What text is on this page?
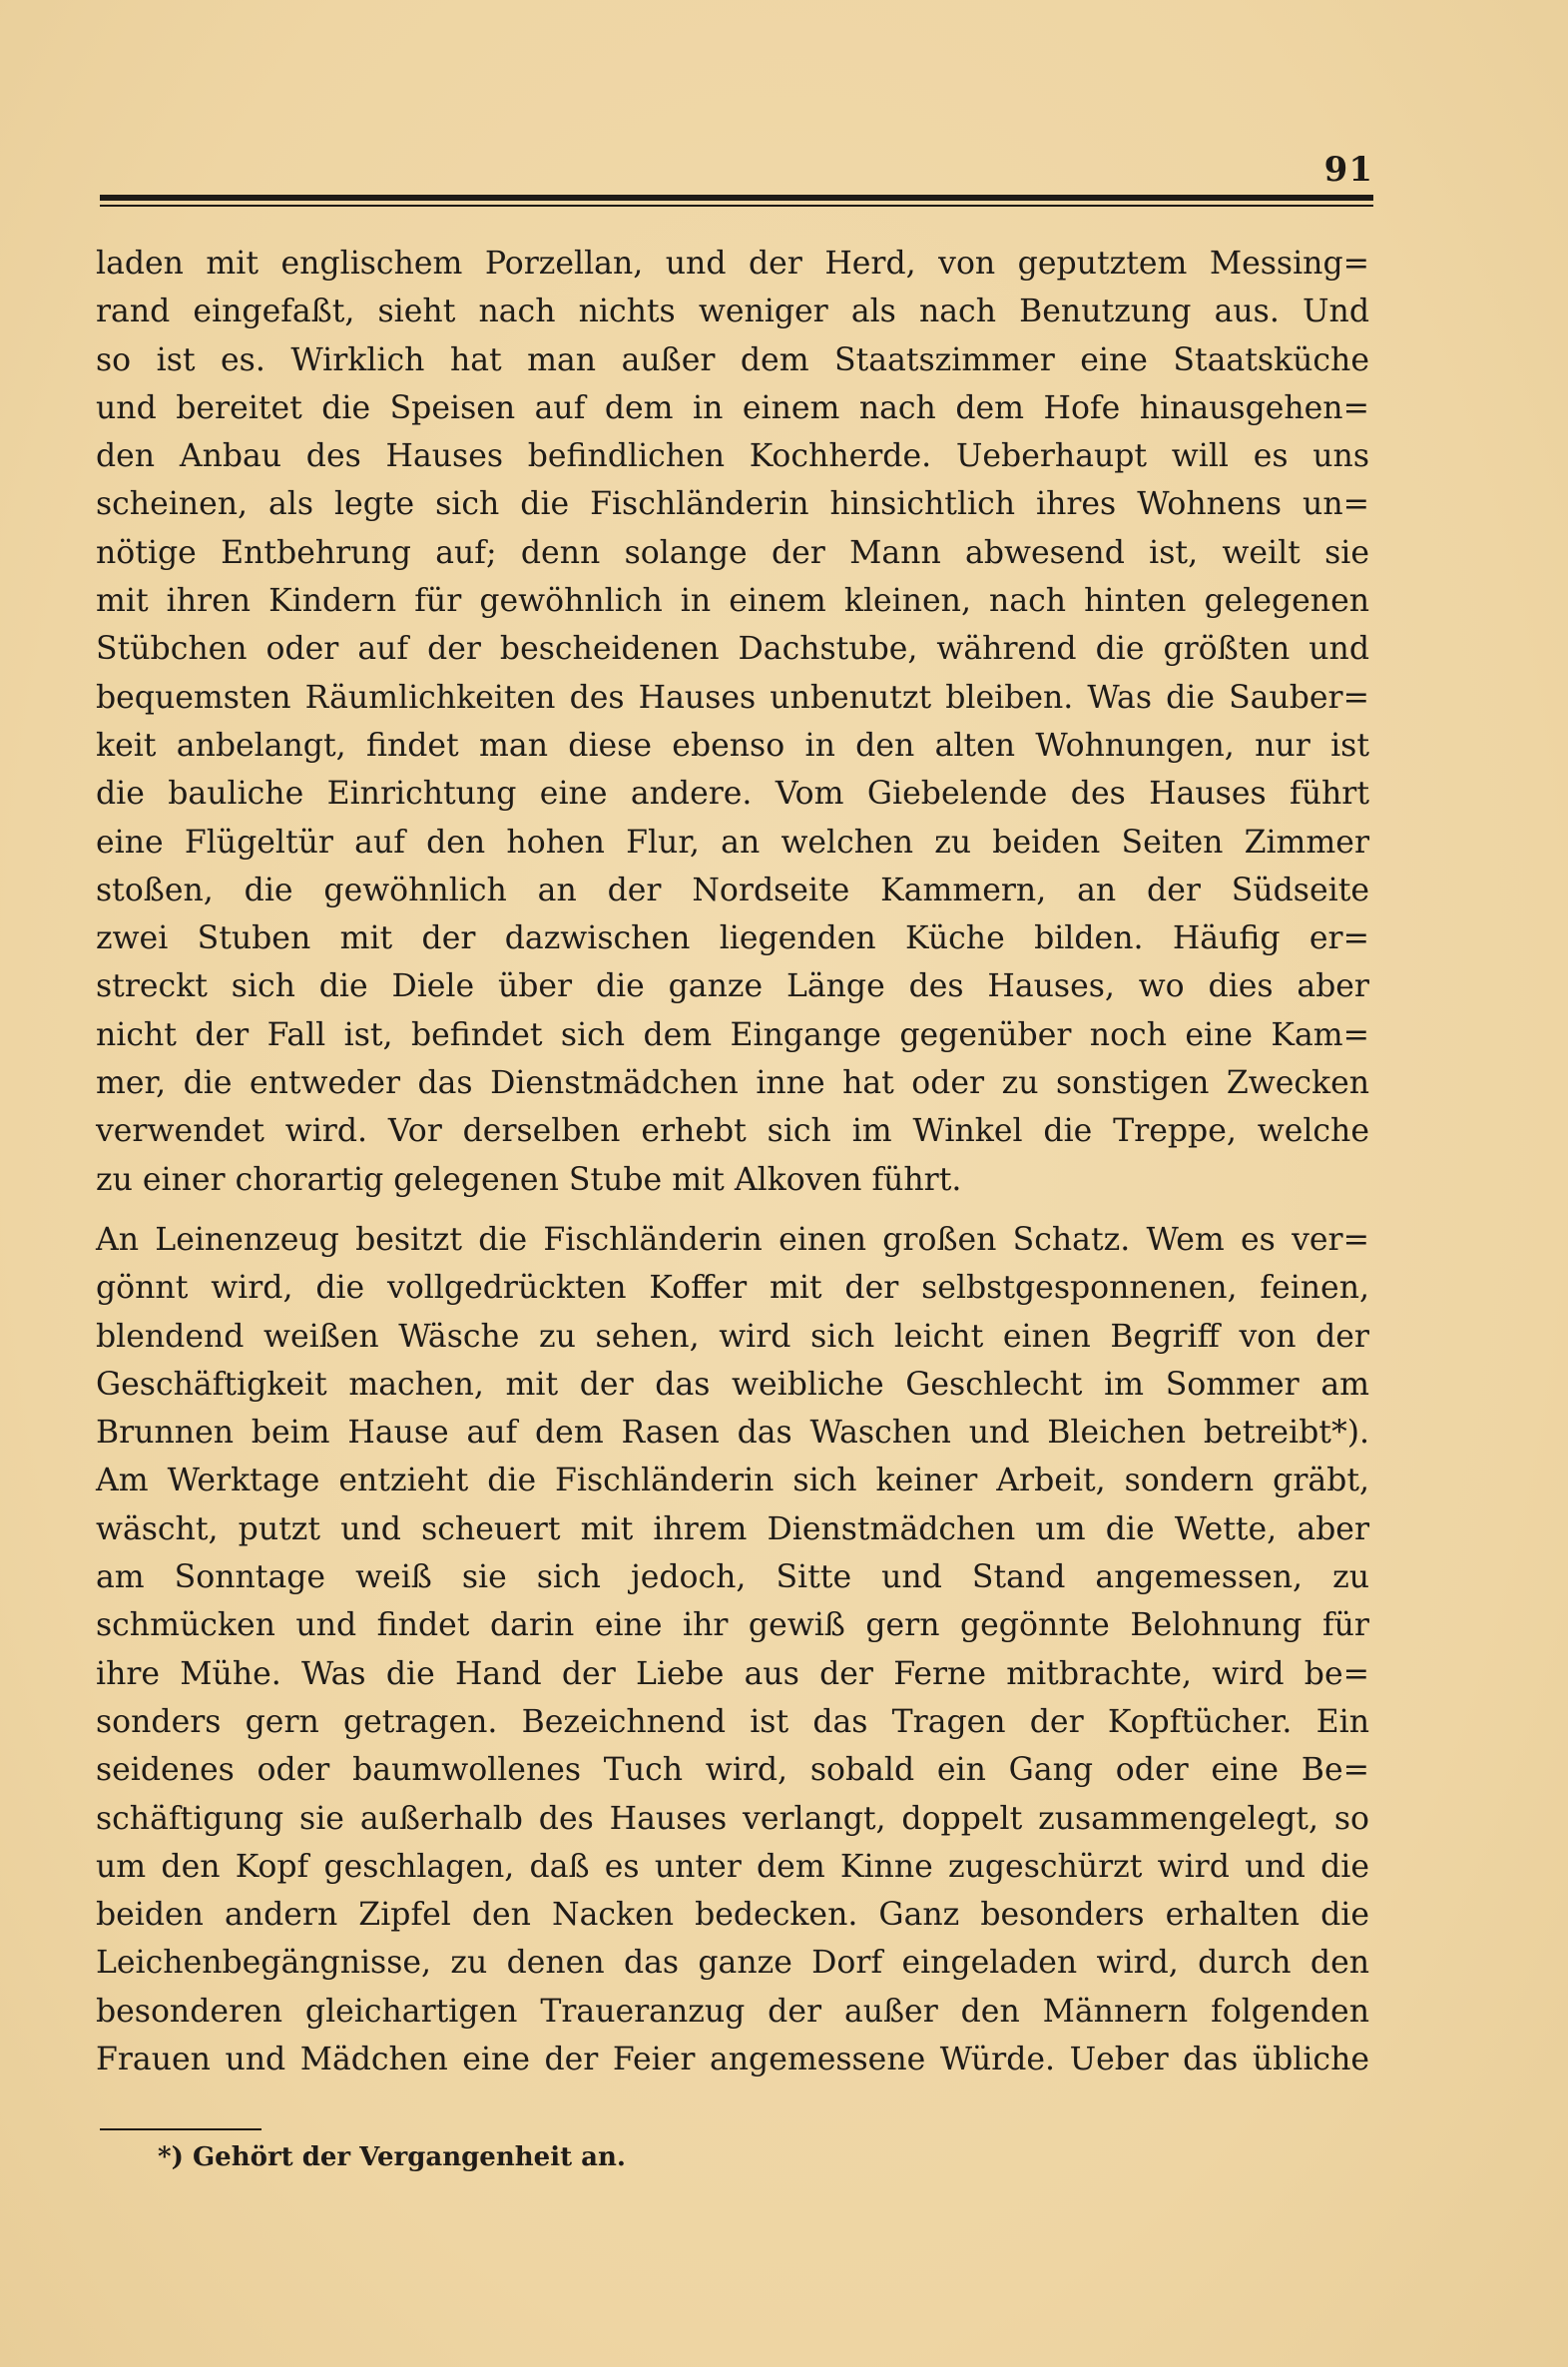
91
laden mit englischem Porzellan, und der Herd, von geputztem Messing=
rand eingefaßt, sieht nach nichts weniger als nach Benutzung aus. Und
so ist es. Wirklich hat man außer dem Staatszimmer eine Staatsküche
und bereitet die Speisen auf dem in einem nach dem Hofe hinausgehen=
den Anbau des Hauses befindlichen Kochherde. Ueberhaupt will es uns
scheinen, als legte sich die Fischländerin hinsichtlich ihres Wohnens un=
nötige Entbehrung auf; denn solange der Mann abwesend ist, weilt sie
mit ihren Kindern für gewöhnlich in einem kleinen, nach hinten gelegenen
Stübchen oder auf der bescheidenen Dachstube, während die größten und
bequemsten Räumlichkeiten des Hauses unbenutzt bleiben. Was die Sauber=
keit anbelangt, findet man diese ebenso in den alten Wohnungen, nur ist
die bauliche Einrichtung eine andere. Vom Giebelende des Hauses führt
eine Flügeltür auf den hohen Flur, an welchen zu beiden Seiten Zimmer
stoßen, die gewöhnlich an der Nordseite Kammern, an der Südseite
zwei Stuben mit der dazwischen liegenden Küche bilden. Häufig er=
streckt sich die Diele über die ganze Länge des Hauses, wo dies aber
nicht der Fall ist, befindet sich dem Eingange gegenüber noch eine Kam=
mer, die entweder das Dienstmädchen inne hat oder zu sonstigen Zwecken
verwendet wird. Vor derselben erhebt sich im Winkel die Treppe, welche
zu einer chorartig gelegenen Stube mit Alkoven führt.
An Leinenzeug besitzt die Fischländerin einen großen Schatz. Wem es ver=
gönnt wird, die vollgedrückten Koffer mit der selbstgesponnenen, feinen,
blendend weißen Wäsche zu sehen, wird sich leicht einen Begriff von der
Geschäftigkeit machen, mit der das weibliche Geschlecht im Sommer am
Brunnen beim Hause auf dem Rasen das Waschen und Bleichen betreibt*).
Am Werktage entzieht die Fischländerin sich keiner Arbeit, sondern gräbt,
wäscht, putzt und scheuert mit ihrem Dienstmädchen um die Wette, aber
am Sonntage weiß sie sich jedoch, Sitte und Stand angemessen, zu
schmücken und findet darin eine ihr gewiß gern gegönnte Belohnung für
ihre Mühe. Was die Hand der Liebe aus der Ferne mitbrachte, wird be=
sonders gern getragen. Bezeichnend ist das Tragen der Kopftücher. Ein
seidenes oder baumwollenes Tuch wird, sobald ein Gang oder eine Be=
schäftigung sie außerhalb des Hauses verlangt, doppelt zusammengelegt, so
um den Kopf geschlagen, daß es unter dem Kinne zugeschürzt wird und die
beiden andern Zipfel den Nacken bedecken. Ganz besonders erhalten die
Leichenbegängnisse, zu denen das ganze Dorf eingeladen wird, durch den
besonderen gleichartigen Traueranzug der außer den Männern folgenden
Frauen und Mädchen eine der Feier angemessene Würde. Ueber das übliche
*) Gehört der Vergangenheit an.
